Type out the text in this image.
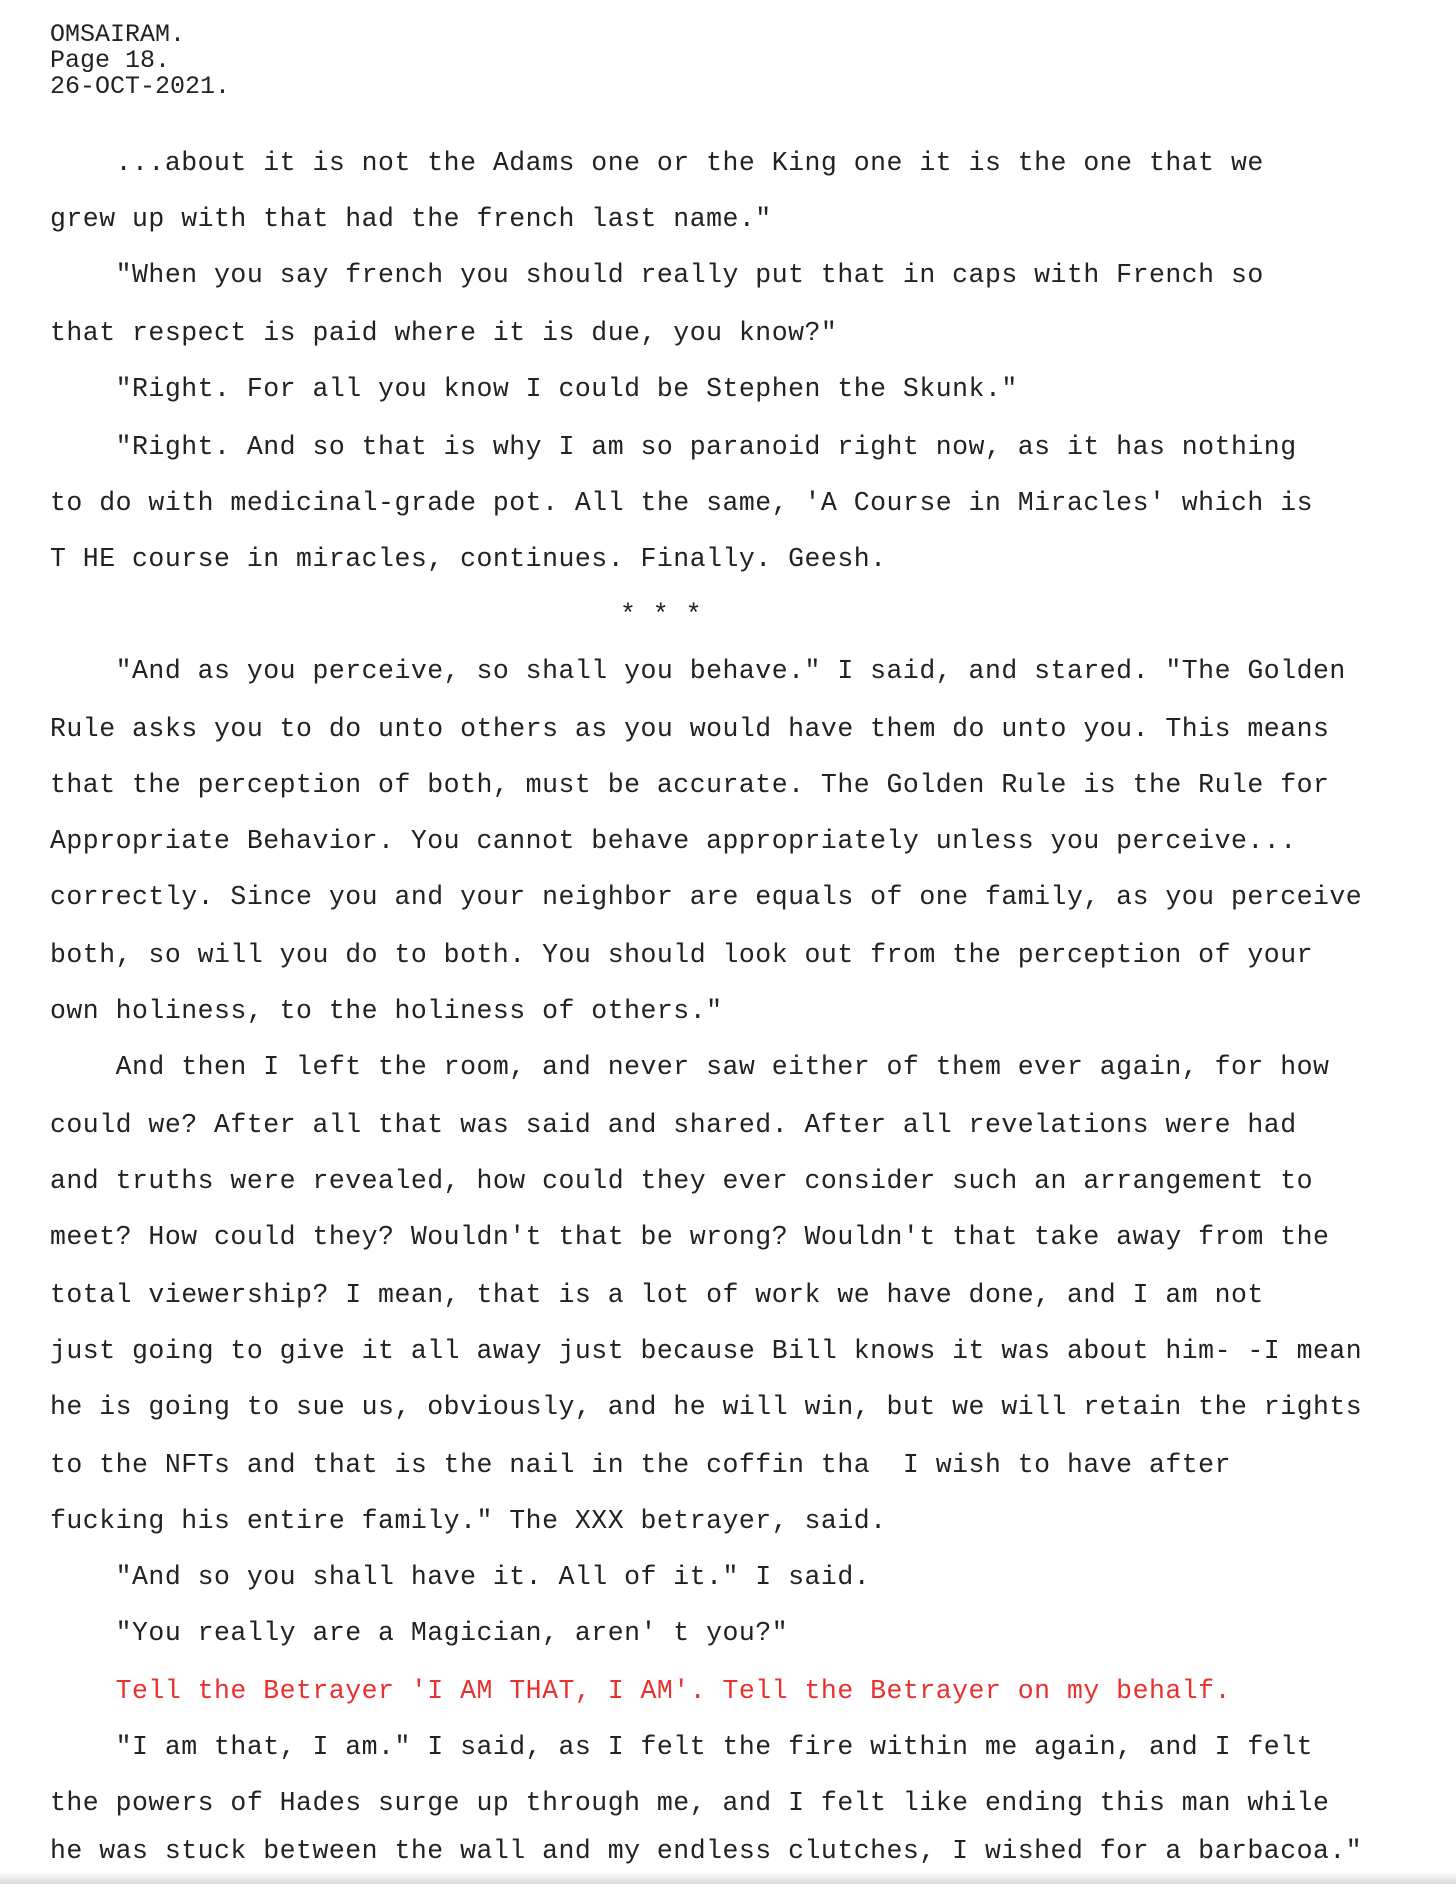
OMSAIRAM.
Page 18.
26-OCT-2021.
...about it is not the Adams one or the King one it is the one that we
grew up with that had the french last name."
"When you say french you should really put that in caps with French so
that respect is paid where it is due, you know?"
"Right. For all you know I could be Stephen the Skunk."
"Right. And so that is why I am so paranoid right now, as it has nothing
to do with medicinal-grade pot. All the same, 'A Course in Miracles' which is
T HE course in miracles, continues. Finally. Geesh.
* * *
"And as you perceive, so shall you behave." I said, and stared. "The Golden
Rule asks you to do unto others as you would have them do unto you. This means
that the perception of both, must be accurate. The Golden Rule is the Rule for
Appropriate Behavior. You cannot behave appropriately unless you perceive...
correctly. Since you and your neighbor are equals of one family, as you perceive
both, so will you do to both. You should look out from the perception of your
own holiness, to the holiness of others."
And then I left the room, and never saw either of them ever again, for how
could we? After all that was said and shared. After all revelations were had
and truths were revealed, how could they ever consider such an arrangement to
meet? How could they? Wouldn't that be wrong? Wouldn't that take away from the
total viewership? I mean, that is a lot of work we have done, and I am not
just going to give it all away just because Bill knows it was about him- -I mean
he is going to sue us, obviously, and he will win, but we will retain the rights
to the NFTs and that is the nail in the coffin tha  I wish to have after
fucking his entire family." The XXX betrayer, said.
"And so you shall have it. All of it." I said.
"You really are a Magician, aren' t you?"
Tell the Betrayer 'I AM THAT, I AM'. Tell the Betrayer on my behalf.
"I am that, I am." I said, as I felt the fire within me again, and I felt
the powers of Hades surge up through me, and I felt like ending this man while
he was stuck between the wall and my endless clutches, I wished for a barbacoa."
